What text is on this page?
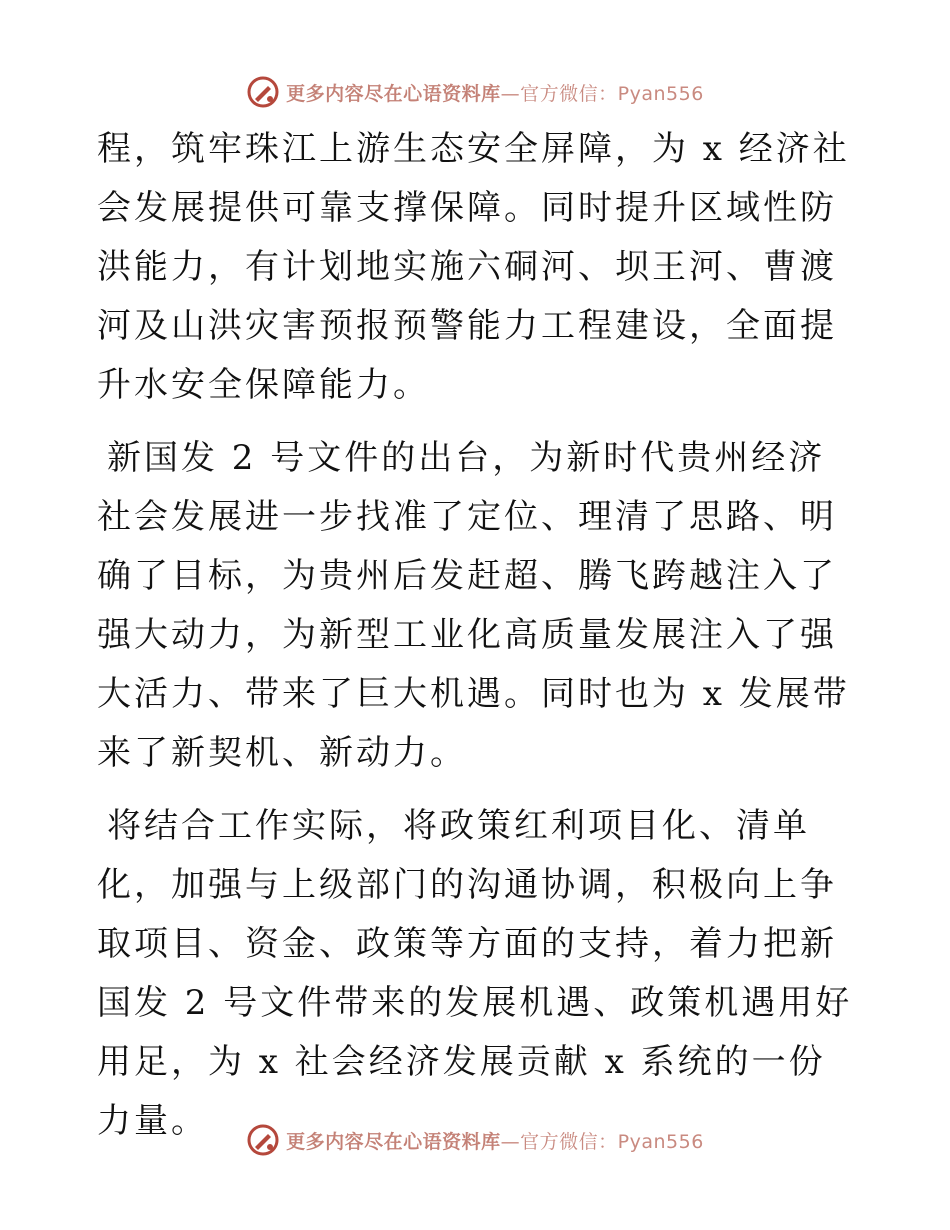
更多内容尽在心语资料库—官方微信：Pyan556

程，筑牢珠江上游生态安全屏障，为 x 经济社会发展提供可靠支撑保障。同时提升区域性防洪能力，有计划地实施六硐河、坝王河、曹渡河及山洪灾害预报预警能力工程建设，全面提升水安全保障能力。

新国发 2 号文件的出台，为新时代贵州经济社会发展进一步找准了定位、理清了思路、明确了目标，为贵州后发赶超、腾飞跨越注入了强大动力，为新型工业化高质量发展注入了强大活力、带来了巨大机遇。同时也为 x 发展带来了新契机、新动力。

将结合工作实际，将政策红利项目化、清单化，加强与上级部门的沟通协调，积极向上争取项目、资金、政策等方面的支持，着力把新国发 2 号文件带来的发展机遇、政策机遇用好用足，为 x 社会经济发展贡献 x 系统的一份力量。

更多内容尽在心语资料库—官方微信：Pyan556
